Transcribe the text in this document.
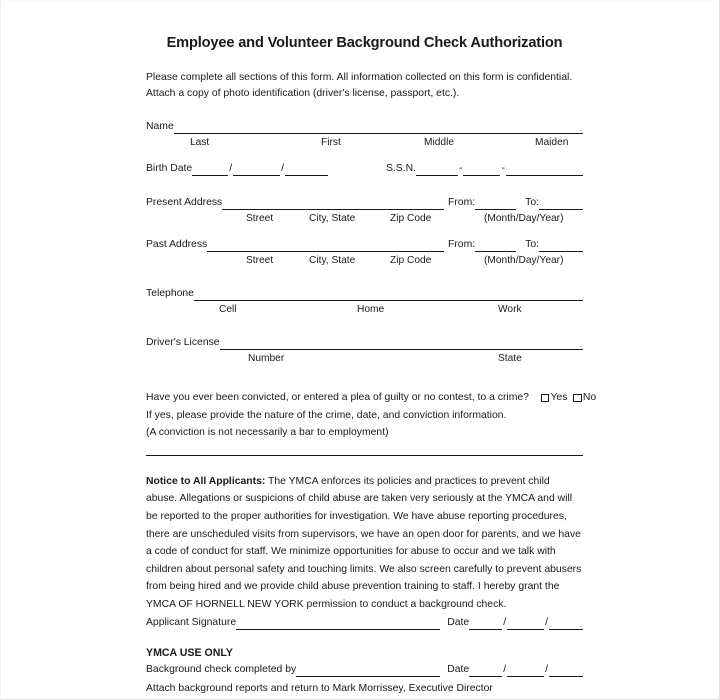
Employee and Volunteer Background Check Authorization
Please complete all sections of this form. All information collected on this form is confidential.
Attach a copy of photo identification (driver's license, passport, etc.).
Name
Last	First	Middle	Maiden
Birth Date	/	/	S.S.N.	-	-
Present Address	From:	To:
Street	City, State	Zip Code	(Month/Day/Year)
Past Address	From:	To:
Street	City, State	Zip Code	(Month/Day/Year)
Telephone
Cell	Home	Work
Driver's License
Number	State
Have you ever been convicted, or entered a plea of guilty or no contest, to a crime? Yes No
If yes, please provide the nature of the crime, date, and conviction information.
(A conviction is not necessarily a bar to employment)
Notice to All Applicants: The YMCA enforces its policies and practices to prevent child abuse. Allegations or suspicions of child abuse are taken very seriously at the YMCA and will be reported to the proper authorities for investigation. We have abuse reporting procedures, there are unscheduled visits from supervisors, we have an open door for parents, and we have a code of conduct for staff. We minimize opportunities for abuse to occur and we talk with children about personal safety and touching limits. We also screen carefully to prevent abusers from being hired and we provide child abuse prevention training to staff. I hereby grant the YMCA OF HORNELL NEW YORK permission to conduct a background check.
Applicant Signature	Date	/	/
YMCA USE ONLY
Background check completed by	Date	/	/
Attach background reports and return to Mark Morrissey, Executive Director
